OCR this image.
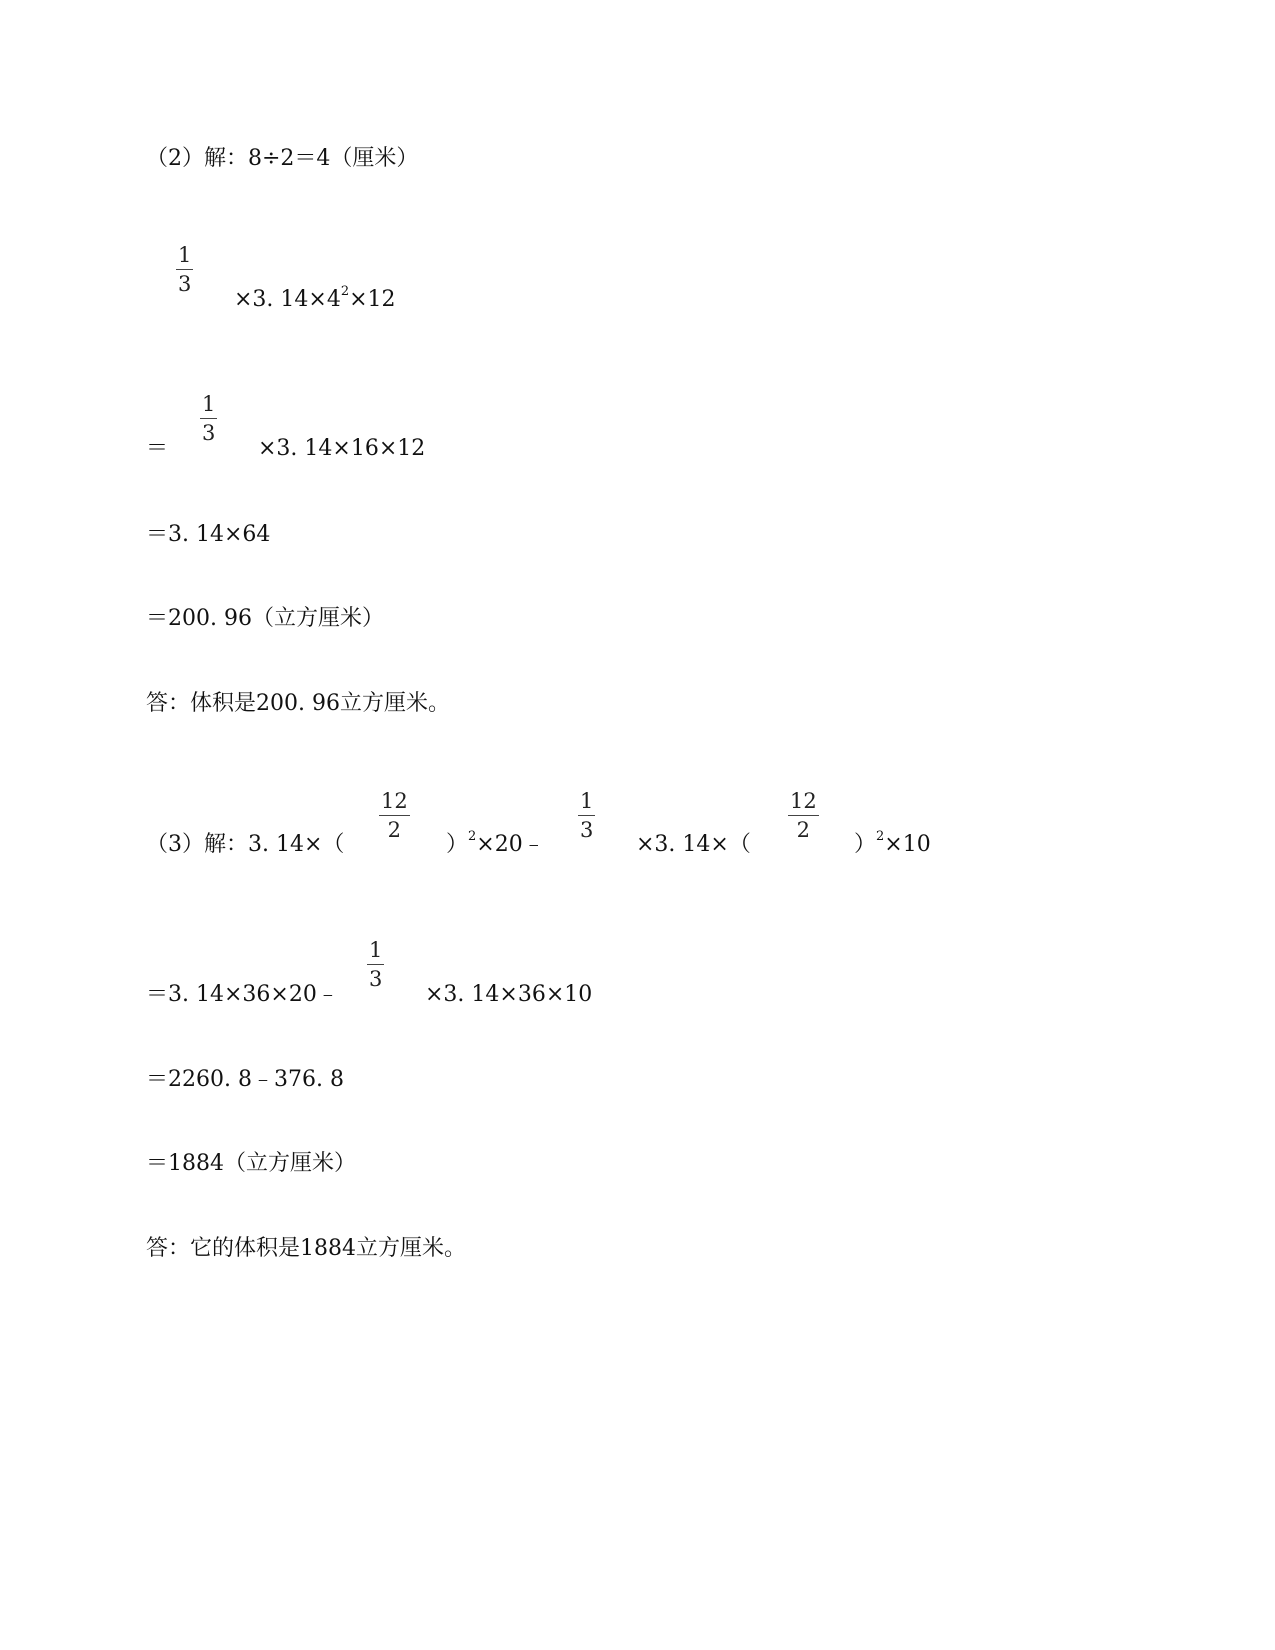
（2）解：8÷2＝4（厘米）
1
3
×3. $14\times 4^2\times 12$
＝
1
3
×3. 14×16×12
＝3. 14×64
＝200. 96（立方厘米）
答：体积是200. 96立方厘米。
（3）解：3. 14×（
12
2
）$^2$×20﹣
1
3
×3. 14×（
12
2
）$^2$×10
＝3. 14×36×20﹣
1
3
×3. 14×36×10
＝2260. 8﹣376. 8
＝1884（立方厘米）
答：它的体积是1884立方厘米。
